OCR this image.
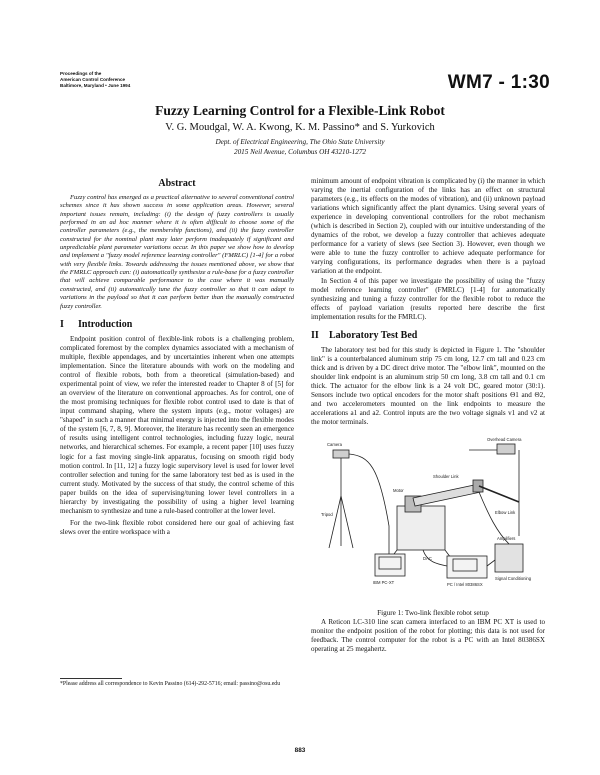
Proceedings of the
American Control Conference
Baltimore, Maryland • June 1994	WM7 - 1:30
Fuzzy Learning Control for a Flexible-Link Robot
V. G. Moudgal, W. A. Kwong, K. M. Passino* and S. Yurkovich
Dept. of Electrical Engineering, The Ohio State University
2015 Neil Avenue, Columbus OH 43210-1272
Abstract

Fuzzy control has emerged as a practical alternative to several conventional control schemes since it has shown success in some application areas. However, several important issues remain, including: (i) the design of fuzzy controllers is usually performed in an ad hoc manner where it is often difficult to choose some of the controller parameters (e.g., the membership functions), and (ii) the fuzzy controller constructed for the nominal plant may later perform inadequately if significant and unpredictable plant parameter variations occur. In this paper we show how to develop and implement a "fuzzy model reference learning controller" (FMRLC) [1-4] for a robot with very flexible links. Towards addressing the issues mentioned above, we show that the FMRLC approach can: (i) automatically synthesize a rule-base for a fuzzy controller that will achieve comparable performance to the case where it was manually constructed, and (ii) automatically tune the fuzzy controller so that it can adapt to variations in the payload so that it can perform better than the manually constructed fuzzy controller.

I Introduction

Endpoint position control of flexible-link robots is a challenging problem, complicated foremost by the complex dynamics associated with a mechanism of multiple, flexible appendages, and by uncertainties inherent when one attempts implementation. Since the literature abounds with work on the modeling and control of flexible robots, both from a theoretical (simulation-based) and experimental point of view, we refer the interested reader to Chapter 8 of [5] for an overview of the literature on conventional approaches. As for control, one of the most promising techniques for flexible robot control used to date is that of input command shaping, where the system inputs (e.g., motor voltages) are "shaped" in such a manner that minimal energy is injected into the flexible modes of the system [6, 7, 8, 9]. Moreover, the literature has recently seen an emergence of results using intelligent control technologies, including fuzzy logic, neural networks, and hierarchical schemes. For example, a recent paper [10] uses fuzzy logic for a fast moving single-link apparatus, focusing on smooth rigid body motion control. In [11, 12] a fuzzy logic supervisory level is used for lower level controller selection and tuning for the same laboratory test bed as is used in the current study. Motivated by the success of that study, the control scheme of this paper builds on the idea of supervising/tuning lower level controllers in a hierarchy by investigating the possibility of using a higher level learning mechanism to synthesize and tune a rule-based controller at the lower level.

For the two-link flexible robot considered here our goal of achieving fast slews over the entire workspace with a

minimum amount of endpoint vibration is complicated by (i) the manner in which varying the inertial configuration of the links has an effect on structural parameters (e.g., its effects on the modes of vibration), and (ii) unknown payload variations which significantly affect the plant dynamics. Using several years of experience in developing conventional controllers for the robot mechanism (which is described in Section 2), coupled with our intuitive understanding of the dynamics of the robot, we develop a fuzzy controller that achieves adequate performance for a variety of slews (see Section 3). However, even though we were able to tune the fuzzy controller to achieve adequate performance for varying configurations, its performance degrades when there is a payload variation at the endpoint.

In Section 4 of this paper we investigate the possibility of using the "fuzzy model reference learning controller" (FMRLC) [1-4] for automatically synthesizing and tuning a fuzzy controller for the flexible robot to reduce the effects of payload variation (results reported here describe the first implementation results for the FMRLC).

II Laboratory Test Bed

The laboratory test bed for this study is depicted in Figure 1. The "shoulder link" is a counterbalanced aluminum strip 75 cm long, 12.7 cm tall and 0.23 cm thick and is driven by a DC direct drive motor. The "elbow link", mounted on the shoulder link endpoint is an aluminum strip 50 cm long, 3.8 cm tall and 0.1 cm thick. The actuator for the elbow link is a 24 volt DC, geared motor (30:1). Sensors include two optical encoders for the motor shaft positions Θ1 and Θ2, and two accelerometers mounted on the link endpoints to measure the accelerations a1 and a2. Control inputs are the two voltage signals v1 and v2 at the motor terminals.

Camera
Tripod
Overhead Camera
Elbow Link
Shoulder Link
Motor
IBM PC-XT
DAC
PC / Intel 80386SX
Signal Conditioning
Amplifiers

Figure 1: Two-link flexible robot setup

A Reticon LC-310 line scan camera interfaced to an IBM PC XT is used to monitor the endpoint position of the robot for plotting; this data is not used for feedback. The control computer for the robot is a PC with an Intel 80386SX operating at 25 megahertz.

*Please address all correspondence to Kevin Passino (614)-292-5716; email: passino@osu.edu
883
